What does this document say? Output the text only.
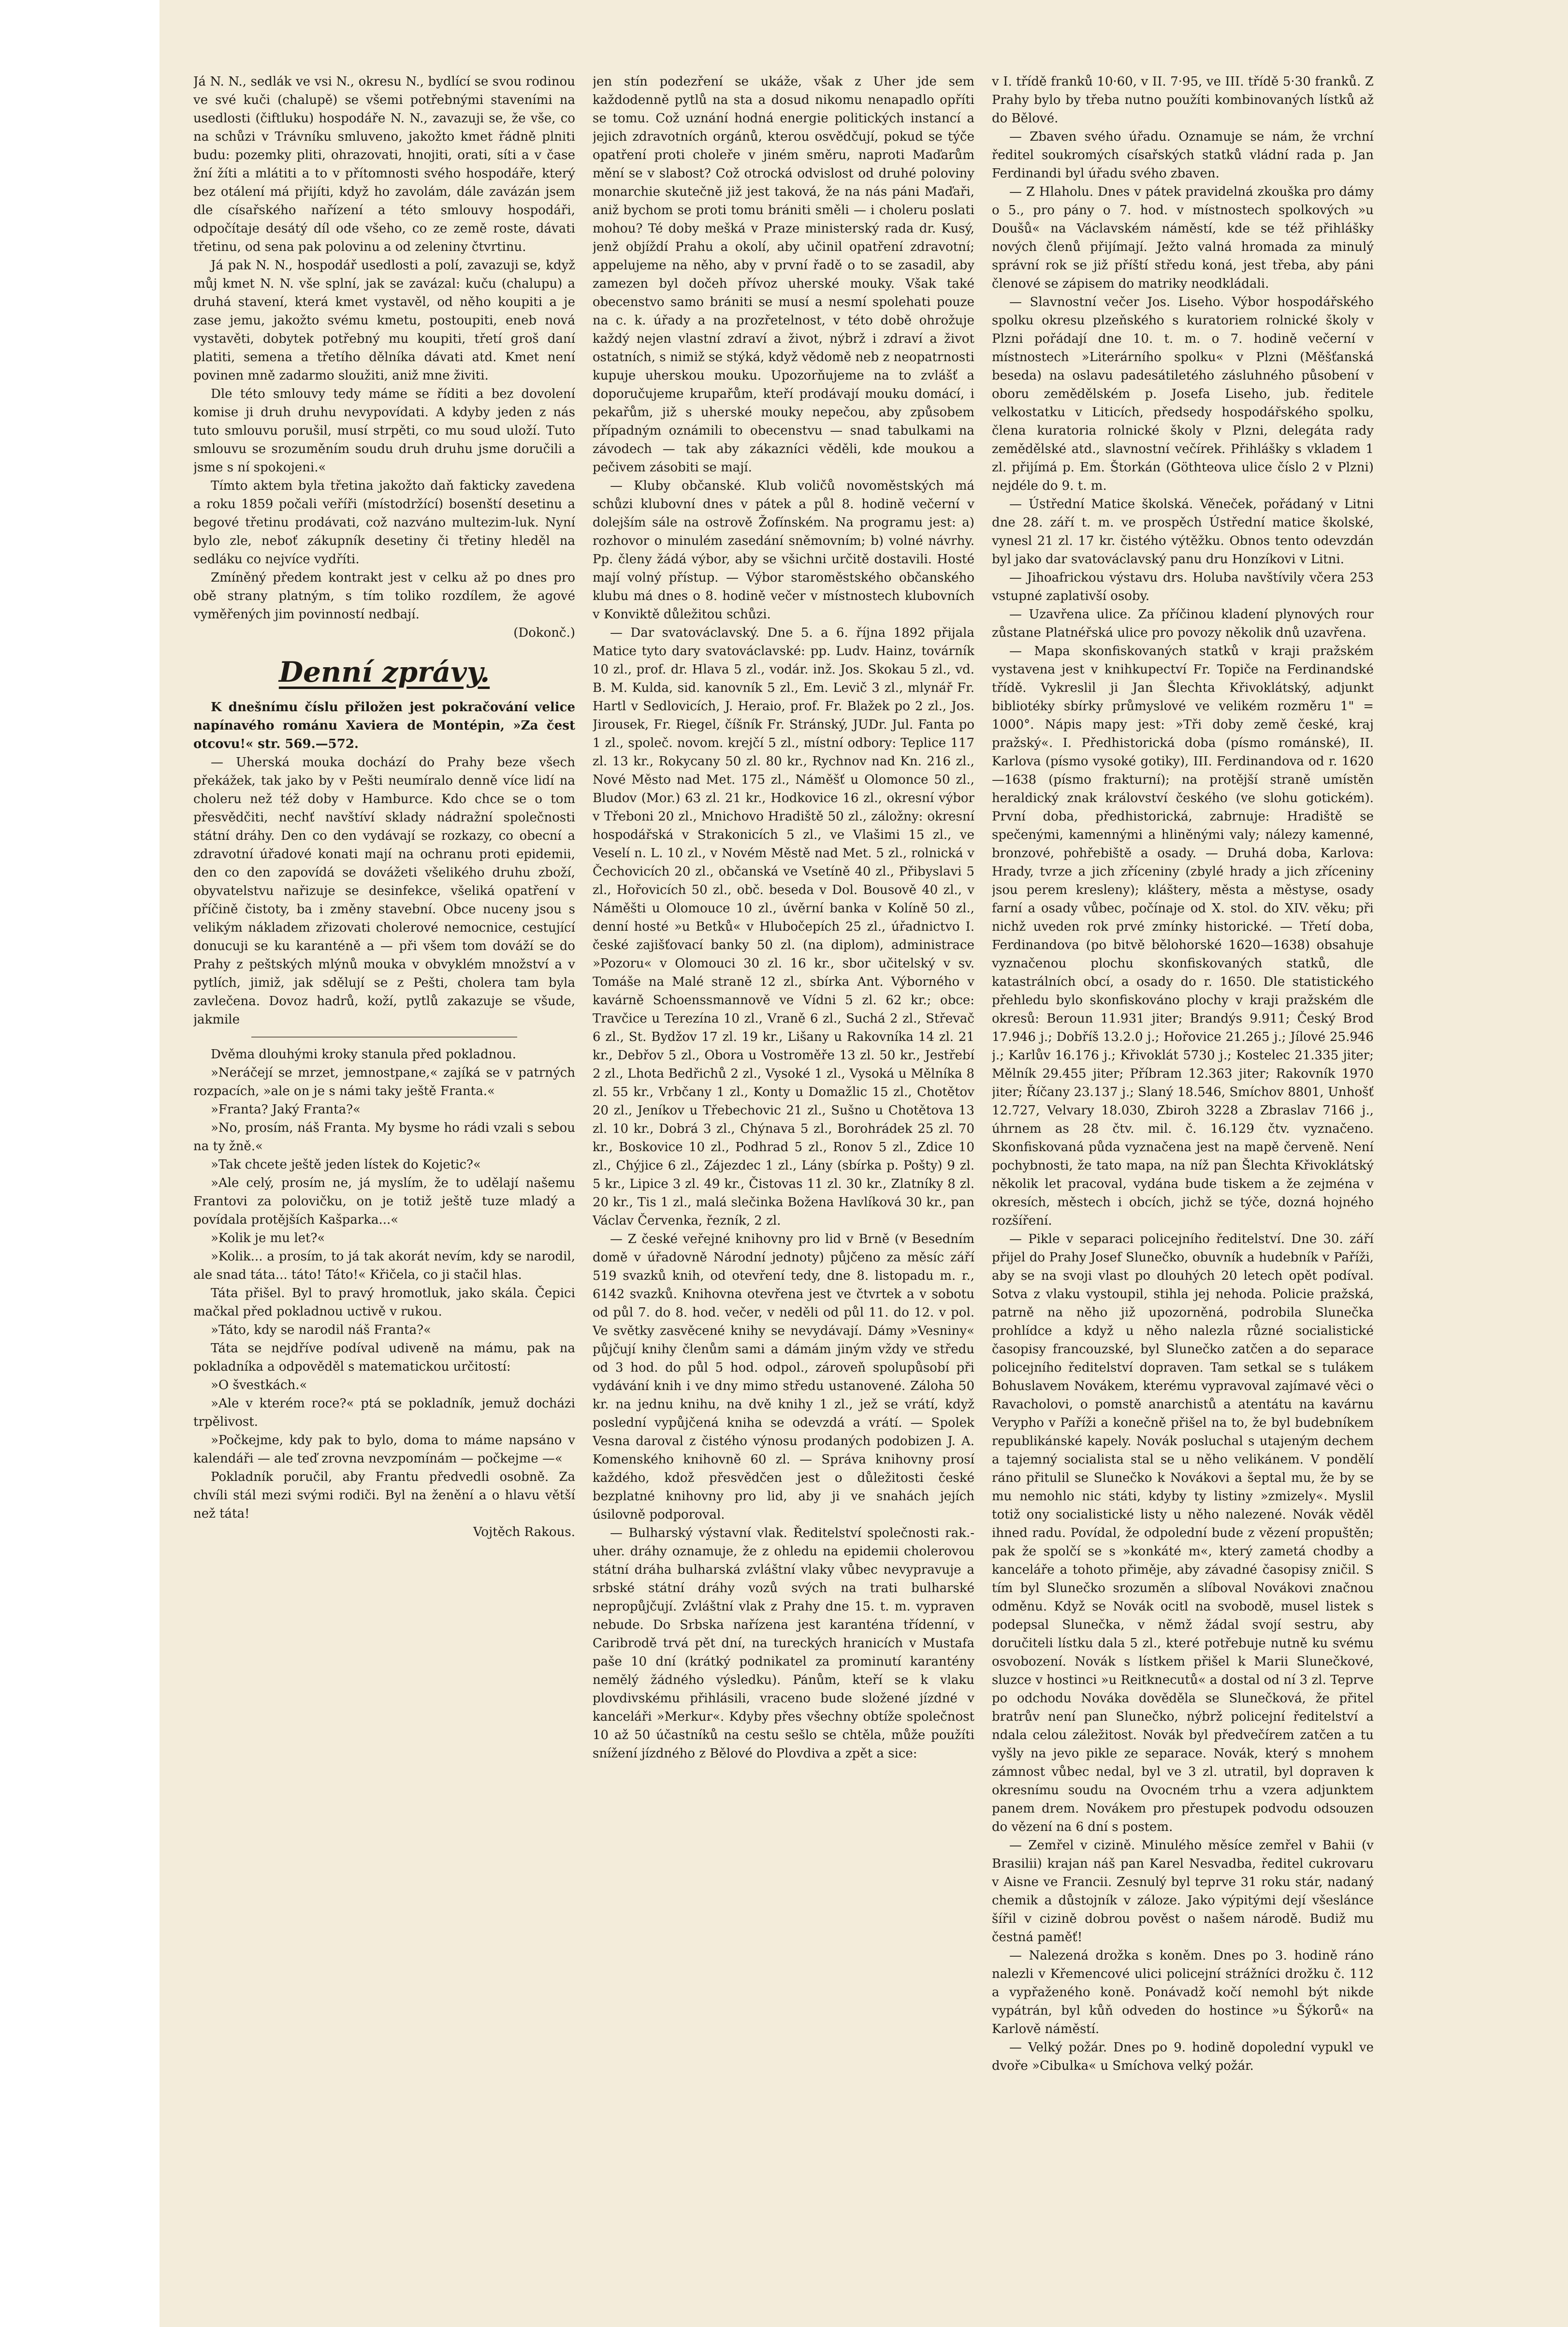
Já N. N., sedlák ve vsi N., okresu N., bydlící se svou rodinou ve své kuči (chalupě) se všemi potřebnými staveními na usedlosti (čiftluku) hospodáře N. N., zavazuji se, že vše, co na schůzi v Trávníku smluveno, jakožto kmet řádně plniti budu: pozemky pliti, ohrazovati, hnojiti, orati, síti a v čase žní žíti a mlátiti a to v přítomnosti svého hospodáře, který bez otálení má přijíti, když ho zavolám, dále zavázán jsem dle císařského nařízení a této smlouvy hospodáři, odpočítaje desátý díl ode všeho, co ze země roste, dávati třetinu, od sena pak polovinu a od zeleniny čtvrtinu.

Já pak N. N., hospodář usedlosti a polí, zavazuji se, když můj kmet N. N. vše splní, jak se zavázal: kuču (chalupu) a druhá stavení, která kmet vystavěl, od něho koupiti a je zase jemu, jakožto svému kmetu, postoupiti, eneb nová vystavěti, dobytek potřebný mu koupiti, třetí groš daní platiti, semena a třetího dělníka dávati atd. Kmet není povinen mně zadarmo sloužiti, aniž mne živiti.

Dle této smlouvy tedy máme se říditi a bez dovolení komise ji druh druhu nevypovídati. A kdyby jeden z nás tuto smlouvu porušil, musí strpěti, co mu soud uloží. Tuto smlouvu se srozuměním soudu druh druhu jsme doručili a jsme s ní spokojeni.«

Tímto aktem byla třetina jakožto daň fakticky zavedena a roku 1859 počali veříři (místodržící) bosenští desetinu a begové třetinu prodávati, což nazváno multezim-luk. Nyní bylo zle, neboť zákupník desetiny či třetiny hleděl na sedláku co nejvíce vydříti.

Zmíněný předem kontrakt jest v celku až po dnes pro obě strany platným, s tím toliko rozdílem, že agové vyměřených jim povinností nedbají.

(Dokonč.)
Denní zprávy.

K dnešnímu číslu přiložen jest pokračování velice napínavého románu Xaviera de Montépin, »Za čest otcovu!« str. 569.—572.

— Uherská mouka dochází do Prahy beze všech překážek, tak jako by v Pešti neumíralo denně více lidí na choleru než též doby v Hamburce. Kdo chce se o tom přesvědčiti, nechť navštíví sklady nádražní společnosti státní dráhy. Den co den vydávají se rozkazy, co obecní a zdravotní úřadové konati mají na ochranu proti epidemii, den co den zapovídá se dovážeti všelikého druhu zboží, obyvatelstvu nařizuje se desinfekce, všeliká opatření v příčině čistoty, ba i změny stavební. Obce nuceny jsou s velikým nákladem zřizovati cholerové nemocnice, cestující donucuji se ku karanténě a — při všem tom dováží se do Prahy z peštských mlýnů mouka v obvyklém množství a v pytlích, jimiž, jak sdělují se z Pešti, cholera tam byla zavlečena. Dovoz hadrů, koží, pytlů zakazuje se všude, jakmile

Dvěma dlouhými kroky stanula před pokladnou.

»Neráčejí se mrzet, jemnostpane,« zajíká se v patrných rozpacích, »ale on je s námi taky ještě Franta.«

»Franta? Jaký Franta?«

»No, prosím, náš Franta. My bysme ho rádi vzali s sebou na ty žně.«

»Tak chcete ještě jeden lístek do Kojetic?«

»Ale celý, prosím ne, já myslím, že to udělají našemu Frantovi za polovičku, on je totiž ještě tuze mladý a povídala protějších Kašparka...«

»Kolik je mu let?«

»Kolik... a prosím, to já tak akorát nevím, kdy se narodil, ale snad táta... táto! Táto!« Křičela, co ji stačil hlas.

Táta přišel. Byl to pravý hromotluk, jako skála. Čepici mačkal před pokladnou uctivě v rukou.

»Táto, kdy se narodil náš Franta?«

Táta se nejdříve podíval udiveně na mámu, pak na pokladníka a odpověděl s matematickou určitostí:

»O švestkách.«

»Ale v kterém roce?« ptá se pokladník, jemuž docházi trpělivost.

»Počkejme, kdy pak to bylo, doma to máme napsáno v kalendáři — ale teď zrovna nevzpomínám — počkejme —«

Pokladník poručil, aby Frantu předvedli osobně. Za chvíli stál mezi svými rodiči. Byl na ženění a o hlavu větší než táta!

Vojtěch Rakous.

jen stín podezření se ukáže, však z Uher jde sem každodenně pytlů na sta a dosud nikomu nenapadlo opříti se tomu. Což uznání hodná energie politických instancí a jejich zdravotních orgánů, kterou osvědčují, pokud se týče opatření proti choleře v jiném směru, naproti Maďarům mění se v slabost? Což otrocká odvislost od druhé poloviny monarchie skutečně již jest taková, že na nás páni Maďaři, aniž bychom se proti tomu brániti směli — i choleru poslati mohou? Té doby mešká v Praze ministerský rada dr. Kusý, jenž objíždí Prahu a okolí, aby učinil opatření zdravotní; appelujeme na něho, aby v první řadě o to se zasadil, aby zamezen byl dočeh přívoz uherské mouky. Však také obecenstvo samo brániti se musí a nesmí spolehati pouze na c. k. úřady a na prozřetelnost, v této době ohrožuje každý nejen vlastní zdraví a život, nýbrž i zdraví a život ostatních, s nimiž se stýká, když vědomě neb z neopatrnosti kupuje uherskou mouku. Upozorňujeme na to zvlášť a doporučujeme krupařům, kteří prodávají mouku domácí, i pekařům, již s uherské mouky nepečou, aby způsobem případným oznámili to obecenstvu — snad tabulkami na závodech — tak aby zákazníci věděli, kde moukou a pečivem zásobiti se mají.

— Kluby občanské. Klub voličů novoměstských má schůzi klubovní dnes v pátek a půl 8. hodině večerní v dolejším sále na ostrově Žofínském. Na programu jest: a) rozhovor o minulém zasedání sněmovním; b) volné návrhy. Pp. členy žádá výbor, aby se všichni určitě dostavili. Hosté mají volný přístup. — Výbor staroměstského občanského klubu má dnes o 8. hodině večer v místnostech klubovních v Konviktě důležitou schůzi.

— Dar svatováclavský. Dne 5. a 6. října 1892 přijala Matice tyto dary svatováclavské: pp. Ludv. Hainz, továrník 10 zl., prof. dr. Hlava 5 zl., vodár. inž. Jos. Skokau 5 zl., vd. B. M. Kulda, sid. kanovník 5 zl., Em. Levič 3 zl., mlynář Fr. Hartl v Sedlovicích, J. Heraio, prof. Fr. Blažek po 2 zl., Jos. Jirousek, Fr. Riegel, číšník Fr. Stránský, JUDr. Jul. Fanta po 1 zl., společ. novom. krejčí 5 zl., místní odbory: Teplice 117 zl. 13 kr., Rokycany 50 zl. 80 kr., Rychnov nad Kn. 216 zl., Nové Město nad Met. 175 zl., Náměšť u Olomonce 50 zl., Bludov (Mor.) 63 zl. 21 kr., Hodkovice 16 zl., okresní výbor v Třeboni 20 zl., Mnichovo Hradiště 50 zl., záložny: okresní hospodářská v Strakonicích 5 zl., ve Vlašimi 15 zl., ve Veselí n. L. 10 zl., v Novém Městě nad Met. 5 zl., rolnická v Čechovicích 20 zl., občanská ve Vsetíně 40 zl., Přibyslavi 5 zl., Hořovicích 50 zl., obč. beseda v Dol. Bousově 40 zl., v Náměšti u Olomouce 10 zl., úvěrní banka v Kolíně 50 zl., denní hosté »u Betků« v Hlubočepích 25 zl., úřadnictvo I. české zajišťovací banky 50 zl. (na diplom), administrace »Pozoru« v Olomouci 30 zl. 16 kr., sbor učitelský v sv. Tomáše na Malé straně 12 zl., sbírka Ant. Výborného v kavárně Schoenssmannově ve Vídni 5 zl. 62 kr.; obce: Travčice u Terezína 10 zl., Vraně 6 zl., Suchá 2 zl., Střevač 6 zl., St. Bydžov 17 zl. 19 kr., Lišany u Rakovníka 14 zl. 21 kr., Debřov 5 zl., Obora u Vostroměře 13 zl. 50 kr., Jestřebí 2 zl., Lhota Bedřichů 2 zl., Vysoké 1 zl., Vysoká u Mělníka 8 zl. 55 kr., Vrbčany 1 zl., Konty u Domažlic 15 zl., Chotětov 20 zl., Jeníkov u Třebechovic 21 zl., Sušno u Chotětova 13 zl. 10 kr., Dobrá 3 zl., Chýnava 5 zl., Borohrádek 25 zl. 70 kr., Boskovice 10 zl., Podhrad 5 zl., Ronov 5 zl., Zdice 10 zl., Chýjice 6 zl., Zájezdec 1 zl., Lány (sbírka p. Pošty) 9 zl. 5 kr., Lipice 3 zl. 49 kr., Čistovas 11 zl. 30 kr., Zlatníky 8 zl. 20 kr., Tis 1 zl., malá slečinka Božena Havlíková 30 kr., pan Václav Červenka, řezník, 2 zl.

— Z české veřejné knihovny pro lid v Brně (v Besedním domě v úřadovně Národní jednoty) půjčeno za měsíc září 519 svazků knih, od otevření tedy, dne 8. listopadu m. r., 6142 svazků. Knihovna otevřena jest ve čtvrtek a v sobotu od půl 7. do 8. hod. večer, v neděli od půl 11. do 12. v pol. Ve světky zasvěcené knihy se nevydávají. Dámy »Vesniny« půjčují knihy členům sami a dámám jiným vždy ve středu od 3 hod. do půl 5 hod. odpol., zároveň spolupůsobí při vydávání knih i ve dny mimo středu ustanovené. Záloha 50 kr. na jednu knihu, na dvě knihy 1 zl., jež se vrátí, když poslední vypůjčená kniha se odevzdá a vrátí. — Spolek Vesna daroval z čistého výnosu prodaných podobizen J. A. Komenského knihovně 60 zl. — Správa knihovny prosí každého, kdož přesvědčen jest o důležitosti české bezplatné knihovny pro lid, aby ji ve snahách jejích úsilovně podporoval.

— Bulharský výstavní vlak. Ředitelství společnosti rak.-uher. dráhy oznamuje, že z ohledu na epidemii cholerovou státní dráha bulharská zvláštní vlaky vůbec nevypravuje a srbské státní dráhy vozů svých na trati bulharské nepropůjčují. Zvláštní vlak z Prahy dne 15. t. m. vypraven nebude. Do Srbska nařízena jest karanténa třídenní, v Caribrodě trvá pět dní, na tureckých hranicích v Mustafa paše 10 dní (krátký podnikatel za prominutí karantény nemělý žádného výsledku). Pánům, kteří se k vlaku plovdivskému přihlásili, vraceno bude složené jízdné v kanceláři »Merkur«. Kdyby přes všechny obtíže společnost 10 až 50 účastníků na cestu sešlo se chtěla, může použíti snížení jízdného z Bělové do Plovdiva a zpět a sice:

v I. třídě franků 10·60, v II. 7·95, ve III. třídě 5·30 franků. Z Prahy bylo by třeba nutno použíti kombinovaných lístků až do Bělové.

— Zbaven svého úřadu. Oznamuje se nám, že vrchní ředitel soukromých císařských statků vládní rada p. Jan Ferdinandi byl úřadu svého zbaven.

— Z Hlaholu. Dnes v pátek pravidelná zkouška pro dámy o 5., pro pány o 7. hod. v místnostech spolkových »u Doušů« na Václavském náměstí, kde se též přihlášky nových členů přijímají. Ježto valná hromada za minulý správní rok se již příští středu koná, jest třeba, aby páni členové se zápisem do matriky neodkládali.

— Slavnostní večer Jos. Liseho. Výbor hospodářského spolku okresu plzeňského s kuratoriem rolnické školy v Plzni pořádají dne 10. t. m. o 7. hodině večerní v místnostech »Literárního spolku« v Plzni (Měšťanská beseda) na oslavu padesátiletého zásluhného působení v oboru zemědělském p. Josefa Liseho, jub. ředitele velkostatku v Liticích, předsedy hospodářského spolku, člena kuratoria rolnické školy v Plzni, delegáta rady zemědělské atd., slavnostní večírek. Přihlášky s vkladem 1 zl. přijímá p. Em. Štorkán (Göthteova ulice číslo 2 v Plzni) nejdéle do 9. t. m.

— Ústřední Matice školská. Věneček, pořádaný v Litni dne 28. září t. m. ve prospěch Ústřední matice školské, vynesl 21 zl. 17 kr. čistého výtěžku. Obnos tento odevzdán byl jako dar svatováclavský panu dru Honzíkovi v Litni.

— Jihoafrickou výstavu drs. Holuba navštívily včera 253 vstupné zaplativší osoby.

— Uzavřena ulice. Za příčinou kladení plynových rour zůstane Platnéřská ulice pro povozy několik dnů uzavřena.

— Mapa skonfiskovaných statků v kraji pražském vystavena jest v knihkupectví Fr. Topiče na Ferdinandské třídě. Vykreslil ji Jan Šlechta Křivoklátský, adjunkt bibliotéky sbírky průmyslové ve velikém rozměru 1" = 1000°. Nápis mapy jest: »Tři doby země české, kraj pražský«. I. Předhistorická doba (písmo románské), II. Karlova (písmo vysoké gotiky), III. Ferdinandova od r. 1620—1638 (písmo frakturní); na protější straně umístěn heraldický znak království českého (ve slohu gotickém). První doba, předhistorická, zabrnuje: Hradiště se spečenými, kamennými a hliněnými valy; nálezy kamenné, bronzové, pohřebiště a osady. — Druhá doba, Karlova: Hrady, tvrze a jich zříceniny (zbylé hrady a jich zříceniny jsou perem kresleny); kláštery, města a městyse, osady farní a osady vůbec, počínaje od X. stol. do XIV. věku; při nichž uveden rok prvé zmínky historické. — Třetí doba, Ferdinandova (po bitvě bělohorské 1620—1638) obsahuje vyznačenou plochu skonfiskovaných statků, dle katastrálních obcí, a osady do r. 1650. Dle statistického přehledu bylo skonfiskováno plochy v kraji pražském dle okresů: Beroun 11.931 jiter; Brandýs 9.911; Český Brod 17.946 j.; Dobříš 13.2.0 j.; Hořovice 21.265 j.; Jílové 25.946 j.; Karlův 16.176 j.; Křivoklát 5730 j.; Kostelec 21.335 jiter; Mělník 29.455 jiter; Příbram 12.363 jiter; Rakovník 1970 jiter; Říčany 23.137 j.; Slaný 18.546, Smíchov 8801, Unhošť 12.727, Velvary 18.030, Zbiroh 3228 a Zbraslav 7166 j., úhrnem as 28 čtv. mil. č. 16.129 čtv. vyznačeno. Skonfiskovaná půda vyznačena jest na mapě červeně. Není pochybnosti, že tato mapa, na níž pan Šlechta Křivoklátský několik let pracoval, vydána bude tiskem a že zejména v okresích, městech i obcích, jichž se týče, dozná hojného rozšíření.

— Pikle v separaci policejního ředitelství. Dne 30. září přijel do Prahy Josef Slunečko, obuvník a hudebník v Paříži, aby se na svoji vlast po dlouhých 20 letech opět podíval. Sotva z vlaku vystoupil, stihla jej nehoda. Policie pražská, patrně na něho již upozorněná, podrobila Slunečka prohlídce a když u něho nalezla různé socialistické časopisy francouzské, byl Slunečko zatčen a do separace policejního ředitelství dopraven. Tam setkal se s tulákem Bohuslavem Novákem, kterému vypravoval zajímavé věci o Ravacholovi, o pomstě anarchistů a atentátu na kavárnu Verypho v Paříži a konečně přišel na to, že byl budebníkem republikánské kapely. Novák posluchal s utajeným dechem a tajemný socialista stal se u něho velikánem. V pondělí ráno přitulil se Slunečko k Novákovi a šeptal mu, že by se mu nemohlo nic státi, kdyby ty listiny »zmizely«. Myslil totiž ony socialistické listy u něho nalezené. Novák věděl ihned radu. Povídal, že odpolední bude z vězení propuštěn; pak že spolčí se s »konkáté m«, který zametá chodby a kanceláře a tohoto přiměje, aby závadné časopisy zničil. S tím byl Slunečko srozuměn a slíboval Novákovi značnou odměnu. Když se Novák ocitl na svobodě, musel listek s podepsal Slunečka, v němž žádal svojí sestru, aby doručiteli lístku dala 5 zl., které potřebuje nutně ku svému osvobození. Novák s lístkem přišel k Marii Slunečkové, sluzce v hostinci »u Reitknecutů« a dostal od ní 3 zl. Teprve po odchodu Nováka dověděla se Slunečková, že přitel bratrův není pan Slunečko, nýbrž policejní ředitelství a ndala celou záležitost. Novák byl předvečírem zatčen a tu vyšly na jevo pikle ze separace. Novák, který s mnohem zámnost vůbec nedal, byl ve 3 zl. utratil, byl dopraven k okresnímu soudu na Ovocném trhu a vzera adjunktem panem drem. Novákem pro přestupek podvodu odsouzen do vězení na 6 dní s postem.

— Zemřel v cizině. Minulého měsíce zemřel v Bahii (v Brasilii) krajan náš pan Karel Nesvadba, ředitel cukrovaru v Aisne ve Francii. Zesnulý byl teprve 31 roku stár, nadaný chemik a důstojník v záloze. Jako výpitými dejí všeslánce šířil v cizině dobrou pověst o našem národě. Budiž mu čestná paměť!

— Nalezená drožka s koněm. Dnes po 3. hodině ráno nalezli v Křemencové ulici policejní strážníci drožku č. 112 a vypřaženého koně. Ponávadž kočí nemohl být nikde vypátrán, byl kůň odveden do hostince »u Šýkorů« na Karlově náměstí.

— Velký požár. Dnes po 9. hodině dopolední vypukl ve dvoře »Cibulka« u Smíchova velký požár.
